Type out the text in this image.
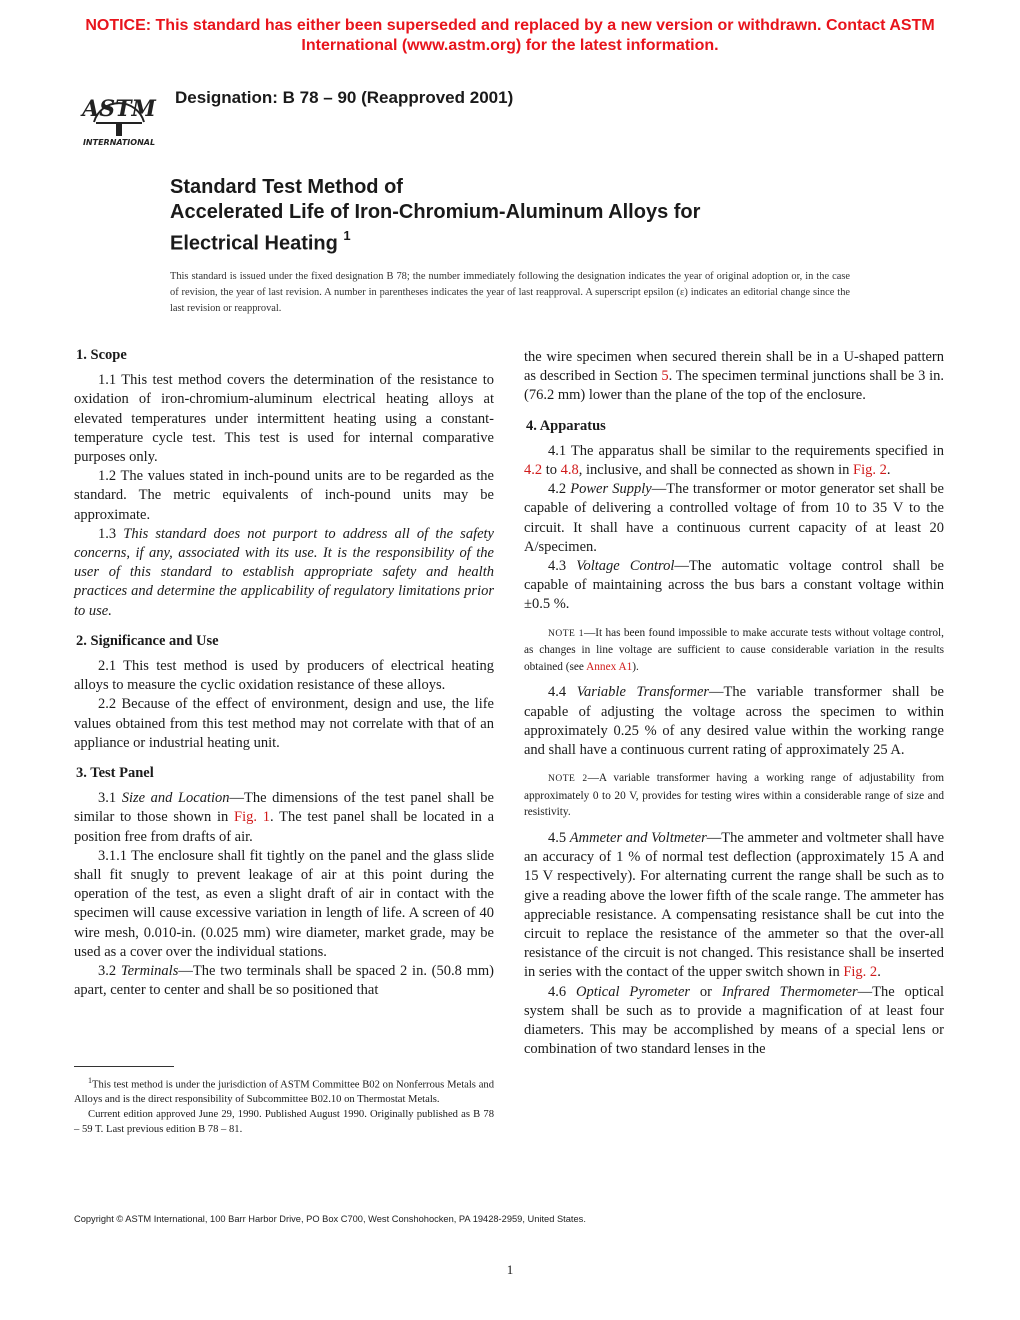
NOTICE: This standard has either been superseded and replaced by a new version or withdrawn. Contact ASTM
International (www.astm.org) for the latest information.
ASTM
INTERNATIONAL
Designation: B 78 – 90 (Reapproved 2001)
Standard Test Method of
Accelerated Life of Iron-Chromium-Aluminum Alloys for
Electrical Heating $^1$
This standard is issued under the fixed designation B 78; the number immediately following the designation indicates the year of original adoption or, in the case of revision, the year of last revision. A number in parentheses indicates the year of last reapproval. A superscript epsilon (ε) indicates an editorial change since the last revision or reapproval.
1. Scope

1.1 This test method covers the determination of the resistance to oxidation of iron-chromium-aluminum electrical heating alloys at elevated temperatures under intermittent heating using a constant-temperature cycle test. This test is used for internal comparative purposes only.

1.2 The values stated in inch-pound units are to be regarded as the standard. The metric equivalents of inch-pound units may be approximate.

1.3 This standard does not purport to address all of the safety concerns, if any, associated with its use. It is the responsibility of the user of this standard to establish appropriate safety and health practices and determine the applicability of regulatory limitations prior to use.

2. Significance and Use

2.1 This test method is used by producers of electrical heating alloys to measure the cyclic oxidation resistance of these alloys.

2.2 Because of the effect of environment, design and use, the life values obtained from this test method may not correlate with that of an appliance or industrial heating unit.

3. Test Panel

3.1 Size and Location—The dimensions of the test panel shall be similar to those shown in Fig. 1. The test panel shall be located in a position free from drafts of air.

3.1.1 The enclosure shall fit tightly on the panel and the glass slide shall fit snugly to prevent leakage of air at this point during the operation of the test, as even a slight draft of air in contact with the specimen will cause excessive variation in length of life. A screen of 40 wire mesh, 0.010-in. (0.025 mm) wire diameter, market grade, may be used as a cover over the individual stations.

3.2 Terminals—The two terminals shall be spaced 2 in. (50.8 mm) apart, center to center and shall be so positioned that

$^1$This test method is under the jurisdiction of ASTM Committee B02 on Nonferrous Metals and Alloys and is the direct responsibility of Subcommittee B02.10 on Thermostat Metals.

Current edition approved June 29, 1990. Published August 1990. Originally published as B 78 – 59 T. Last previous edition B 78 – 81.

the wire specimen when secured therein shall be in a U-shaped pattern as described in Section 5. The specimen terminal junctions shall be 3 in. (76.2 mm) lower than the plane of the top of the enclosure.

4. Apparatus

4.1 The apparatus shall be similar to the requirements specified in 4.2 to 4.8, inclusive, and shall be connected as shown in Fig. 2.

4.2 Power Supply—The transformer or motor generator set shall be capable of delivering a controlled voltage of from 10 to 35 V to the circuit. It shall have a continuous current capacity of at least 20 A/specimen.

4.3 Voltage Control—The automatic voltage control shall be capable of maintaining across the bus bars a constant voltage within ±0.5 %.

NOTE 1—It has been found impossible to make accurate tests without voltage control, as changes in line voltage are sufficient to cause considerable variation in the results obtained (see Annex A1).

4.4 Variable Transformer—The variable transformer shall be capable of adjusting the voltage across the specimen to within approximately 0.25 % of any desired value within the working range and shall have a continuous current rating of approximately 25 A.

NOTE 2—A variable transformer having a working range of adjustability from approximately 0 to 20 V, provides for testing wires within a considerable range of size and resistivity.

4.5 Ammeter and Voltmeter—The ammeter and voltmeter shall have an accuracy of 1 % of normal test deflection (approximately 15 A and 15 V respectively). For alternating current the range shall be such as to give a reading above the lower fifth of the scale range. The ammeter has appreciable resistance. A compensating resistance shall be cut into the circuit to replace the resistance of the ammeter so that the over-all resistance of the circuit is not changed. This resistance shall be inserted in series with the contact of the upper switch shown in Fig. 2.

4.6 Optical Pyrometer or Infrared Thermometer—The optical system shall be such as to provide a magnification of at least four diameters. This may be accomplished by means of a special lens or combination of two standard lenses in the

Copyright © ASTM International, 100 Barr Harbor Drive, PO Box C700, West Conshohocken, PA 19428-2959, United States.
1
